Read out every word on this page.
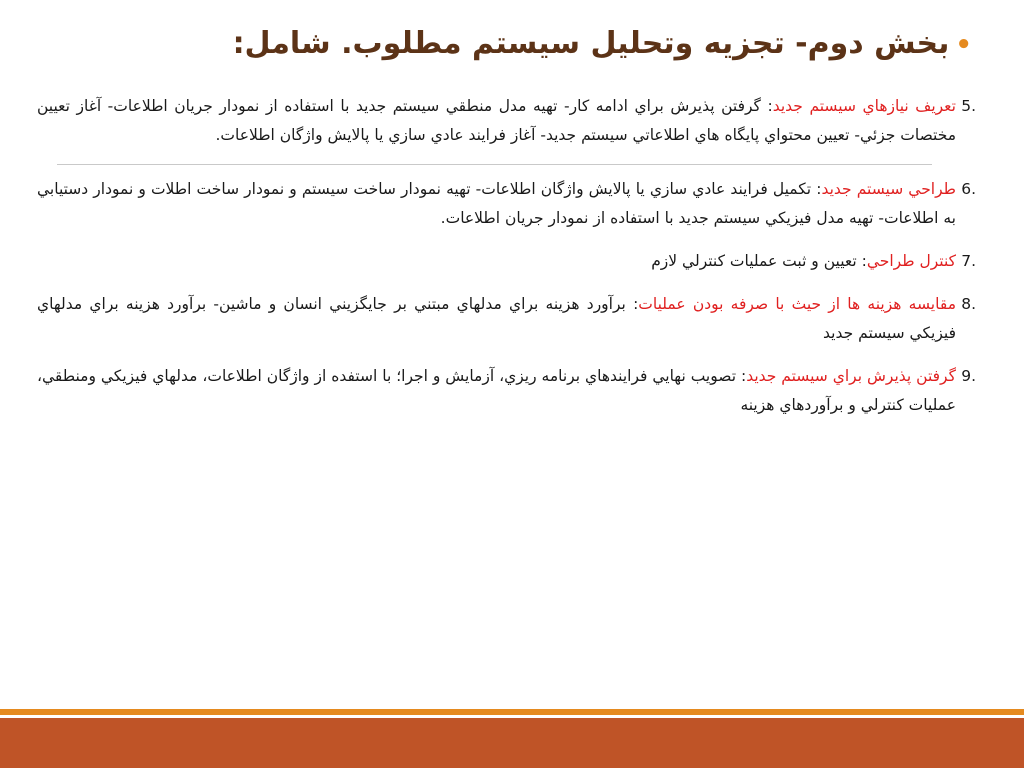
•بخش دوم- تجزيه وتحليل سيستم مطلوب. شامل:
5.
تعريف نيازهاي سيستم جديد: گرفتن پذيرش براي ادامه كار- تهيه مدل منطقي سيستم جديد با استفاده از نمودار جريان اطلاعات- آغاز تعيين مختصات جزئي- تعيين محتواي پايگاه هاي اطلاعاتي سيستم جديد- آغاز فرايند عادي سازي يا پالايش واژگان اطلاعات.
6.
طراحي سيستم جديد: تكميل فرايند عادي سازي يا پالايش واژگان اطلاعات- تهيه نمودار ساخت سيستم و نمودار ساخت اطلات و نمودار دستيابي به اطلاعات- تهيه مدل فيزيكي سيستم جديد با استفاده از نمودار جريان اطلاعات.
7.
كنترل طراحي: تعيين و ثبت عمليات كنترلي لازم
8.
مقايسه هزينه ها از حيث با صرفه بودن عمليات: برآورد هزينه براي مدلهاي مبتني بر جايگزيني انسان و ماشين- برآورد هزينه براي مدلهاي فيزيكي سيستم جديد
9.
گرفتن پذيرش براي سيستم جديد: تصويب نهايي فرايندهاي برنامه ريزي، آزمايش و اجرا؛ با استفده از واژگان اطلاعات، مدلهاي فيزيكي ومنطقي، عمليات كنترلي و برآوردهاي هزينه
